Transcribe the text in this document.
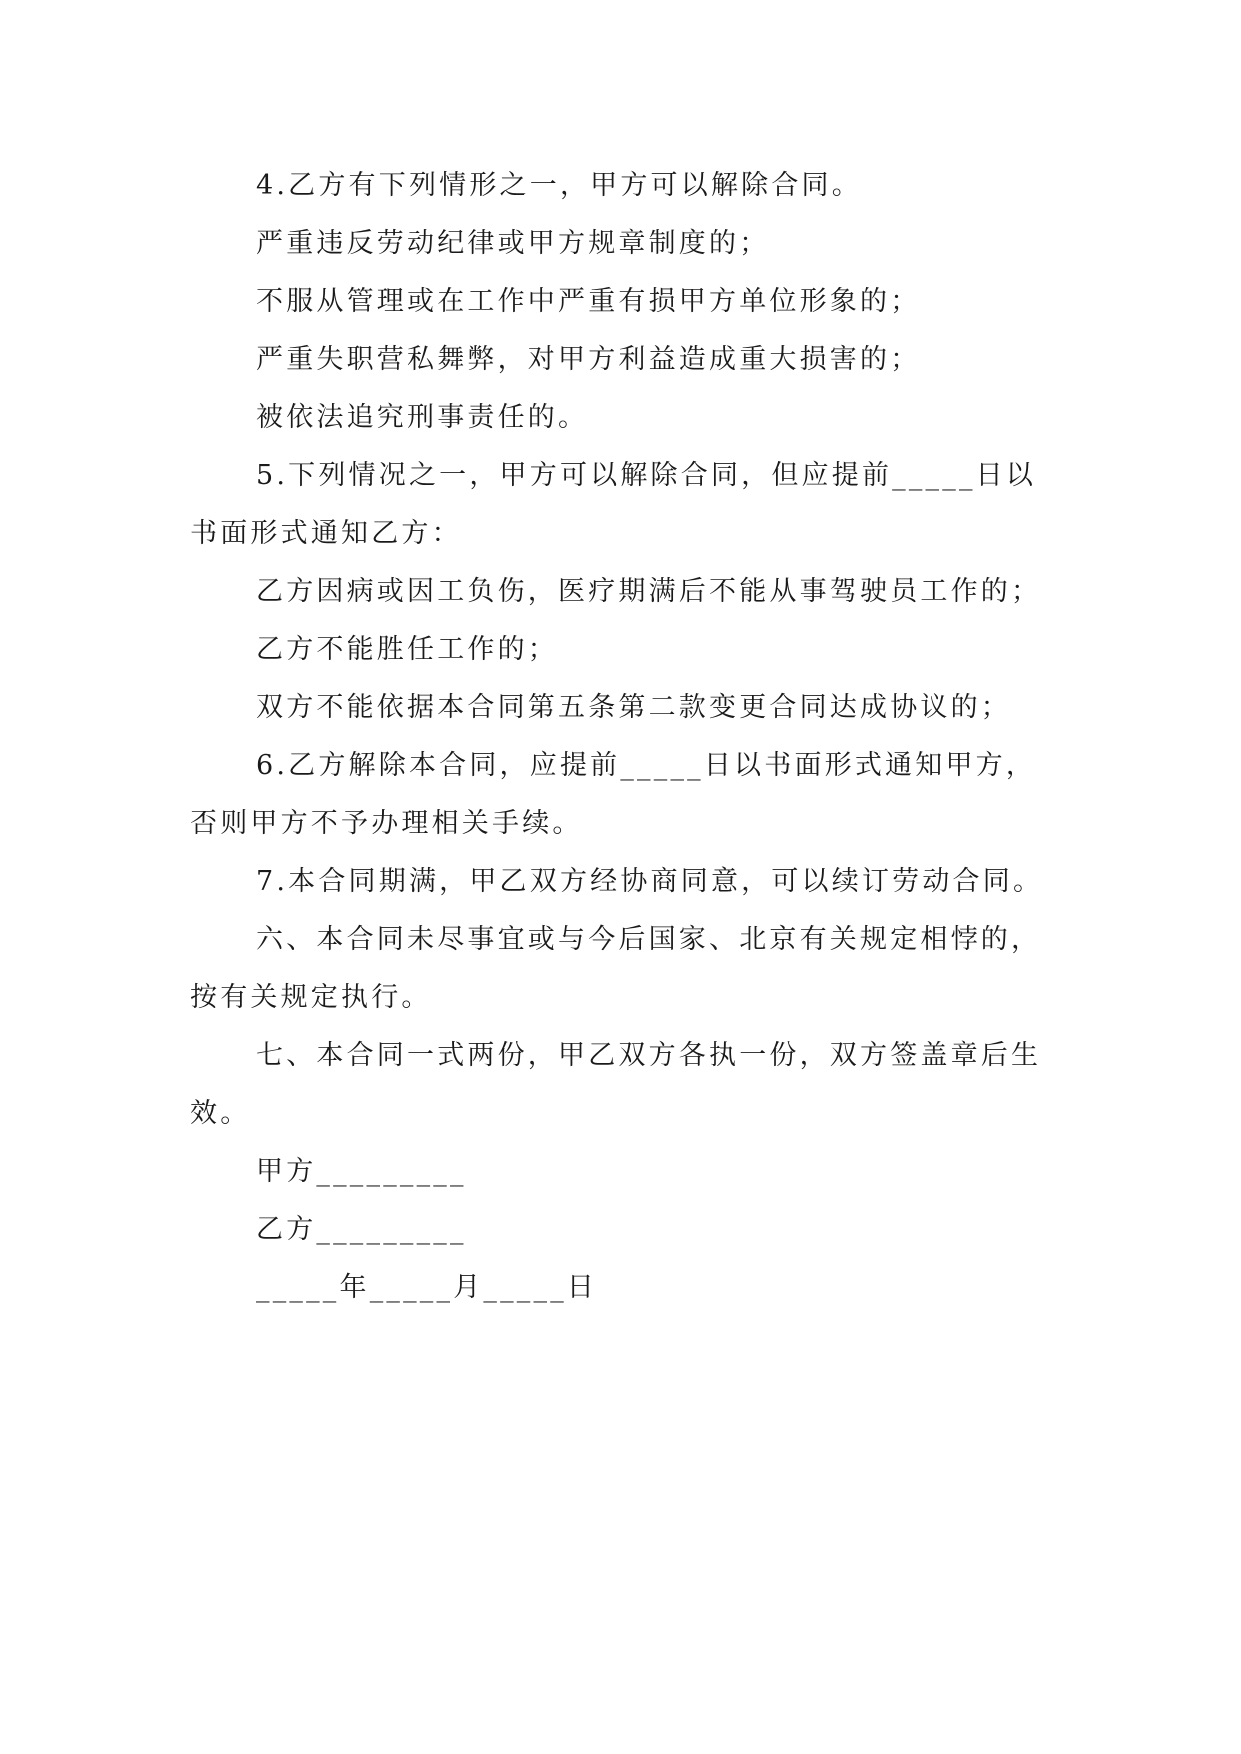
4.乙方有下列情形之一，甲方可以解除合同。

严重违反劳动纪律或甲方规章制度的；

不服从管理或在工作中严重有损甲方单位形象的；

严重失职营私舞弊，对甲方利益造成重大损害的；

被依法追究刑事责任的。

5.下列情况之一，甲方可以解除合同，但应提前_____日以书面形式通知乙方：

乙方因病或因工负伤，医疗期满后不能从事驾驶员工作的；

乙方不能胜任工作的；

双方不能依据本合同第五条第二款变更合同达成协议的；

6.乙方解除本合同，应提前_____日以书面形式通知甲方，否则甲方不予办理相关手续。

7.本合同期满，甲乙双方经协商同意，可以续订劳动合同。

六、本合同未尽事宜或与今后国家、北京有关规定相悖的，按有关规定执行。

七、本合同一式两份，甲乙双方各执一份，双方签盖章后生效。

甲方_________

乙方_________

_____年_____月_____日
